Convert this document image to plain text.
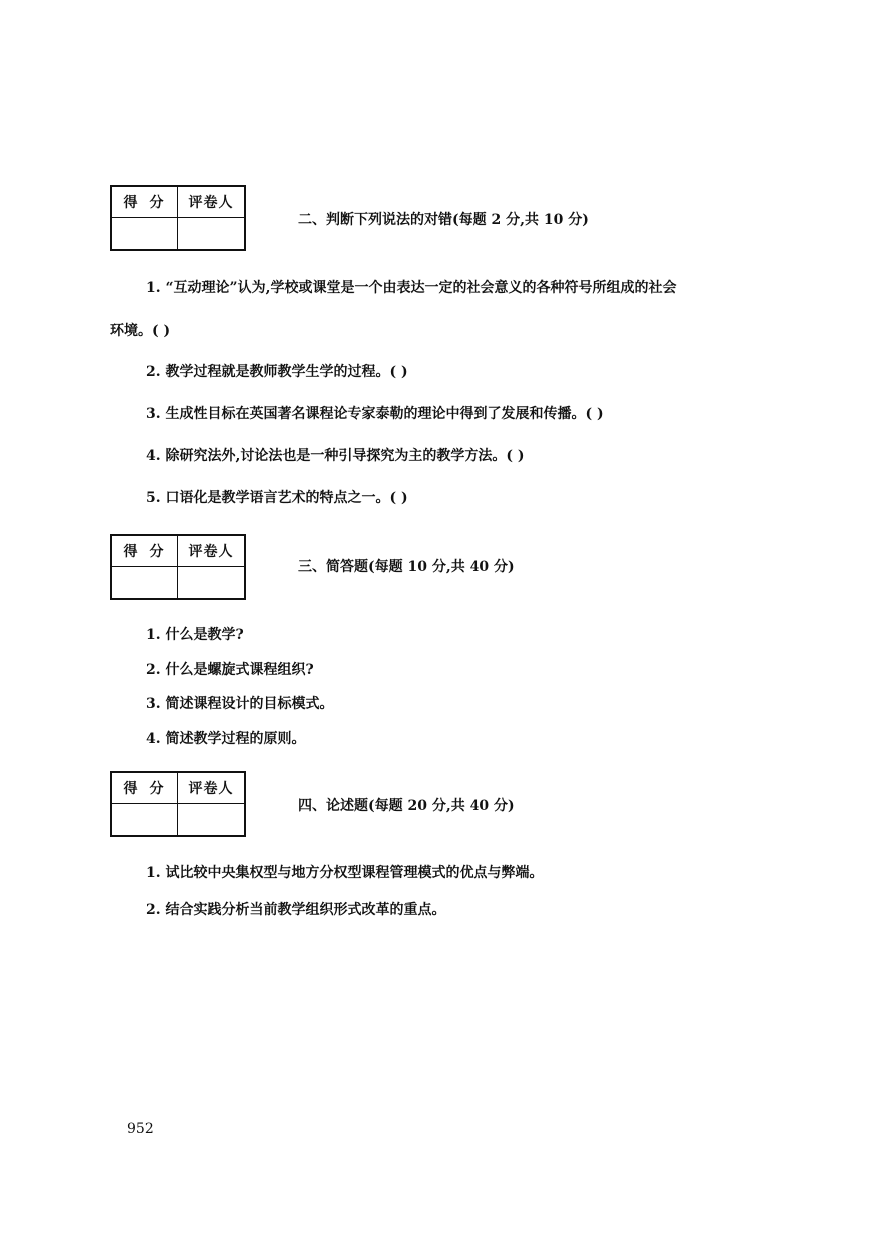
得分 评卷人
二、判断下列说法的对错(每题 2 分,共 10 分)
1. “互动理论”认为,学校或课堂是一个由表达一定的社会意义的各种符号所组成的社会
环境。( )
2. 教学过程就是教师教学生学的过程。( )
3. 生成性目标在英国著名课程论专家泰勒的理论中得到了发展和传播。( )
4. 除研究法外,讨论法也是一种引导探究为主的教学方法。( )
5. 口语化是教学语言艺术的特点之一。( )
得分 评卷人
三、简答题(每题 10 分,共 40 分)
1. 什么是教学?
2. 什么是螺旋式课程组织?
3. 简述课程设计的目标模式。
4. 简述教学过程的原则。
得分 评卷人
四、论述题(每题 20 分,共 40 分)
1. 试比较中央集权型与地方分权型课程管理模式的优点与弊端。
2. 结合实践分析当前教学组织形式改革的重点。
952
